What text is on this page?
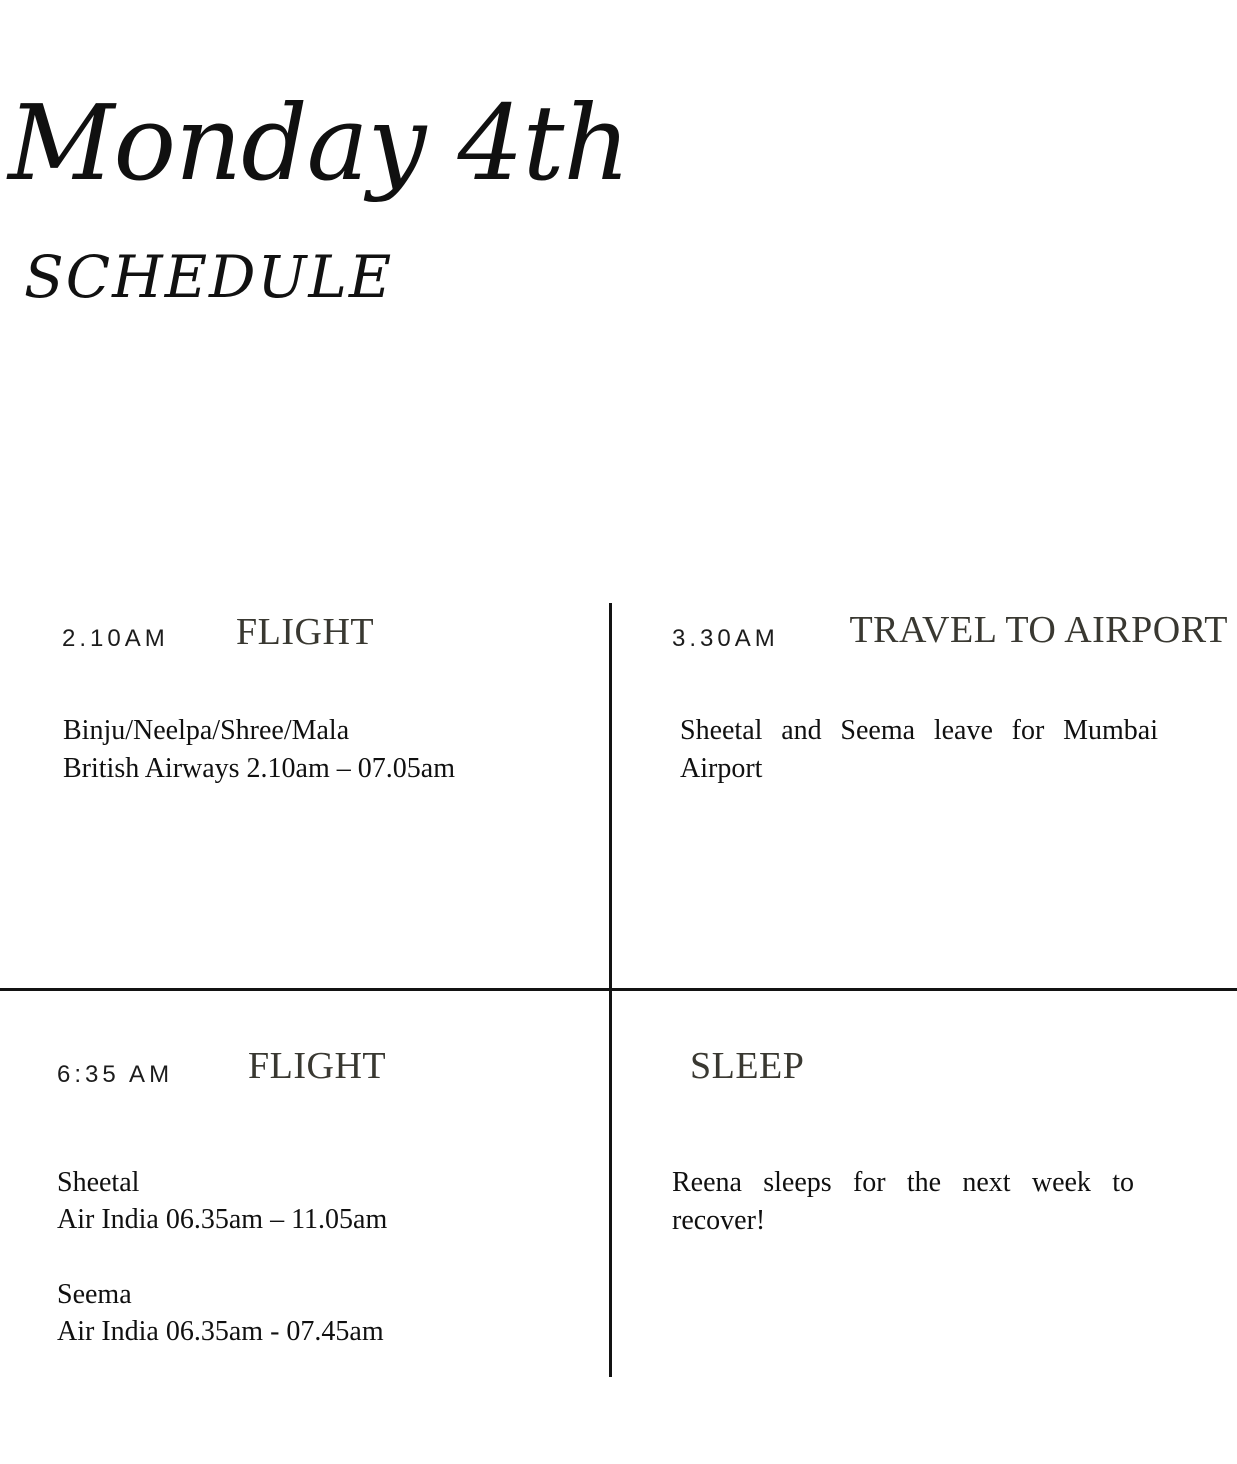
Monday 4th
SCHEDULE
2.10AM FLIGHT
Binju/Neelpa/Shree/Mala
British Airways 2.10am – 07.05am
3.30AM TRAVEL TO AIRPORT
Sheetal and Seema leave for Mumbai
Airport
6:35 AM FLIGHT
Sheetal
Air India 06.35am – 11.05am
Seema
Air India 06.35am - 07.45am
SLEEP
Reena sleeps for the next week to
recover!
